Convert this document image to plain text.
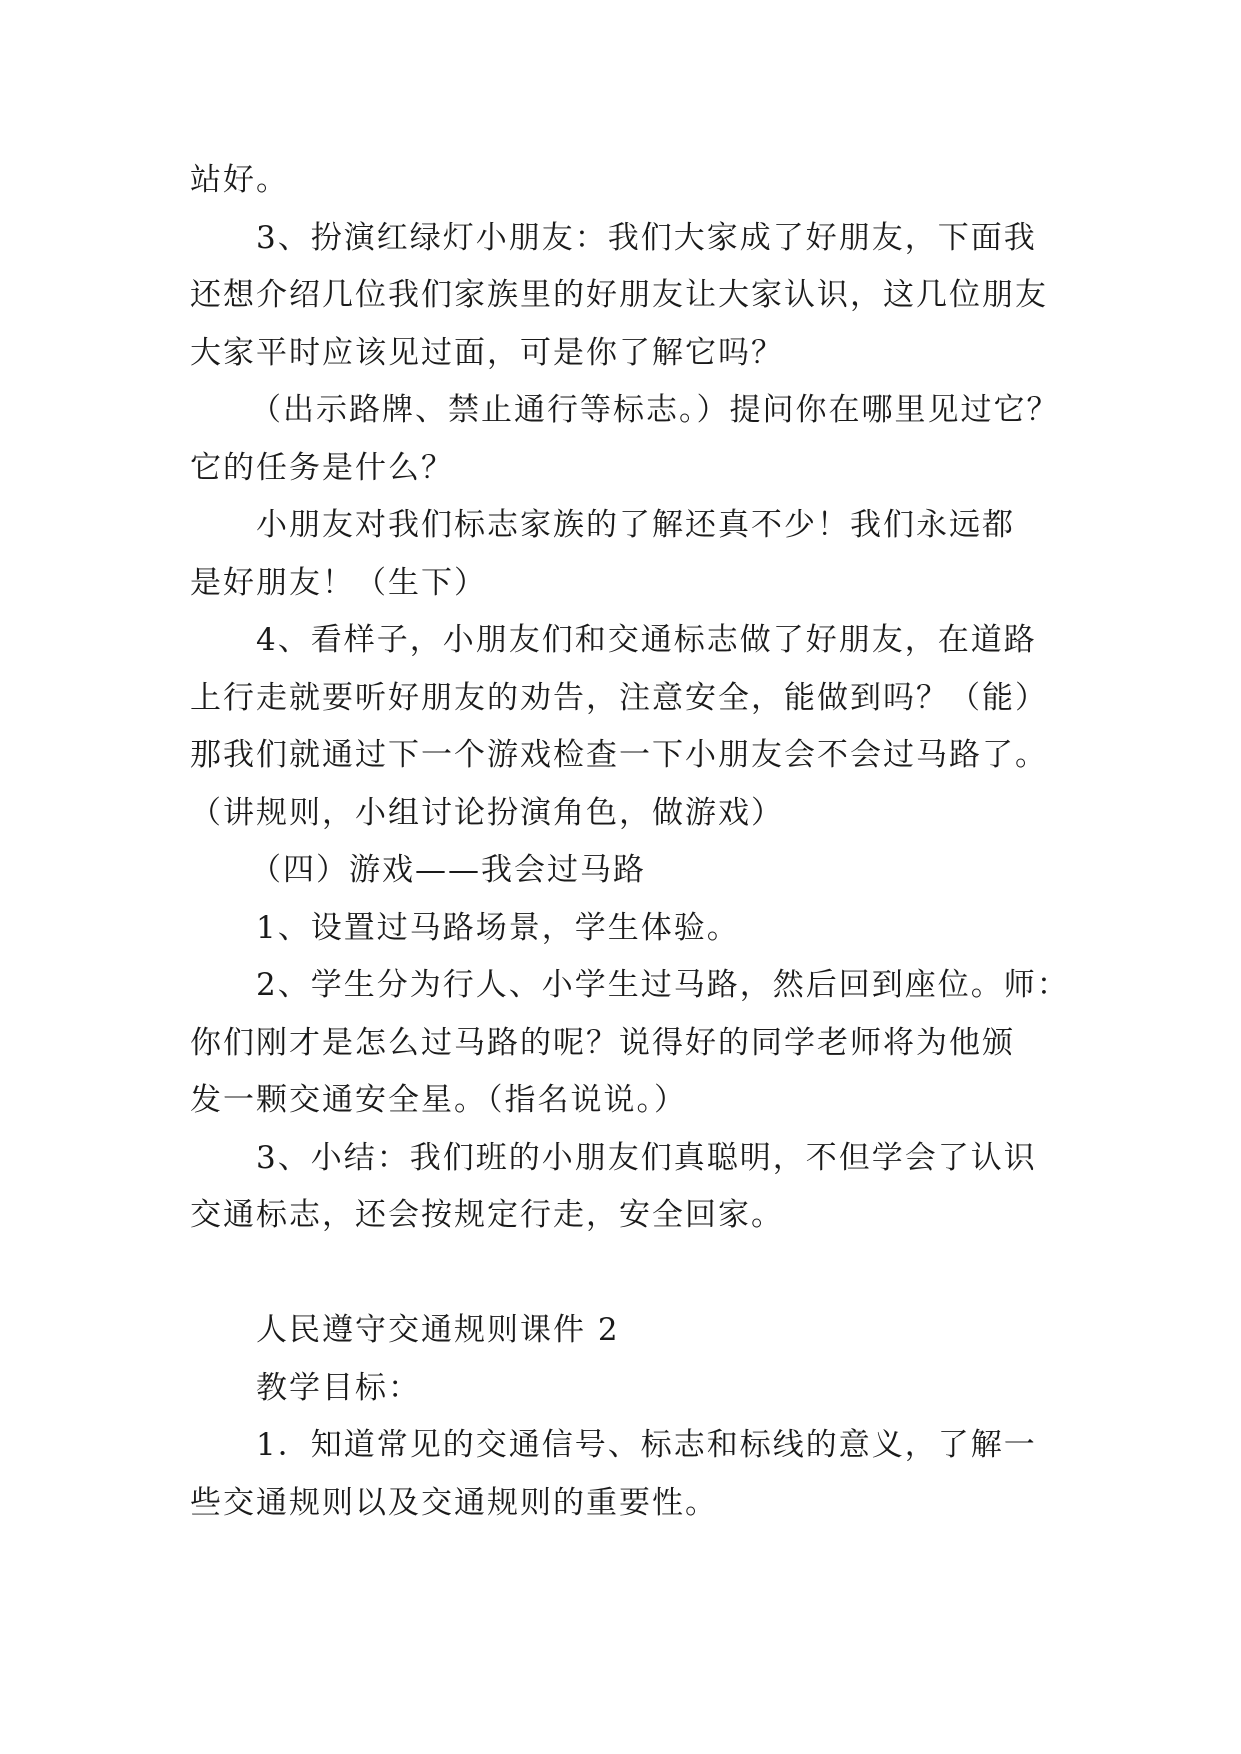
站好。
3、扮演红绿灯小朋友：我们大家成了好朋友，下面我
还想介绍几位我们家族里的好朋友让大家认识，这几位朋友
大家平时应该见过面，可是你了解它吗？
（出示路牌、禁止通行等标志。）提问你在哪里见过它？
它的任务是什么？
小朋友对我们标志家族的了解还真不少！我们永远都
是好朋友！（生下）
4、看样子，小朋友们和交通标志做了好朋友，在道路
上行走就要听好朋友的劝告，注意安全，能做到吗？（能）
那我们就通过下一个游戏检查一下小朋友会不会过马路了。
（讲规则，小组讨论扮演角色，做游戏）
（四）游戏——我会过马路
1、设置过马路场景，学生体验。
2、学生分为行人、小学生过马路，然后回到座位。师：
你们刚才是怎么过马路的呢？说得好的同学老师将为他颁
发一颗交通安全星。（指名说说。）
3、小结：我们班的小朋友们真聪明，不但学会了认识
交通标志，还会按规定行走，安全回家。
人民遵守交通规则课件 2
教学目标：
1．知道常见的交通信号、标志和标线的意义，了解一
些交通规则以及交通规则的重要性。
